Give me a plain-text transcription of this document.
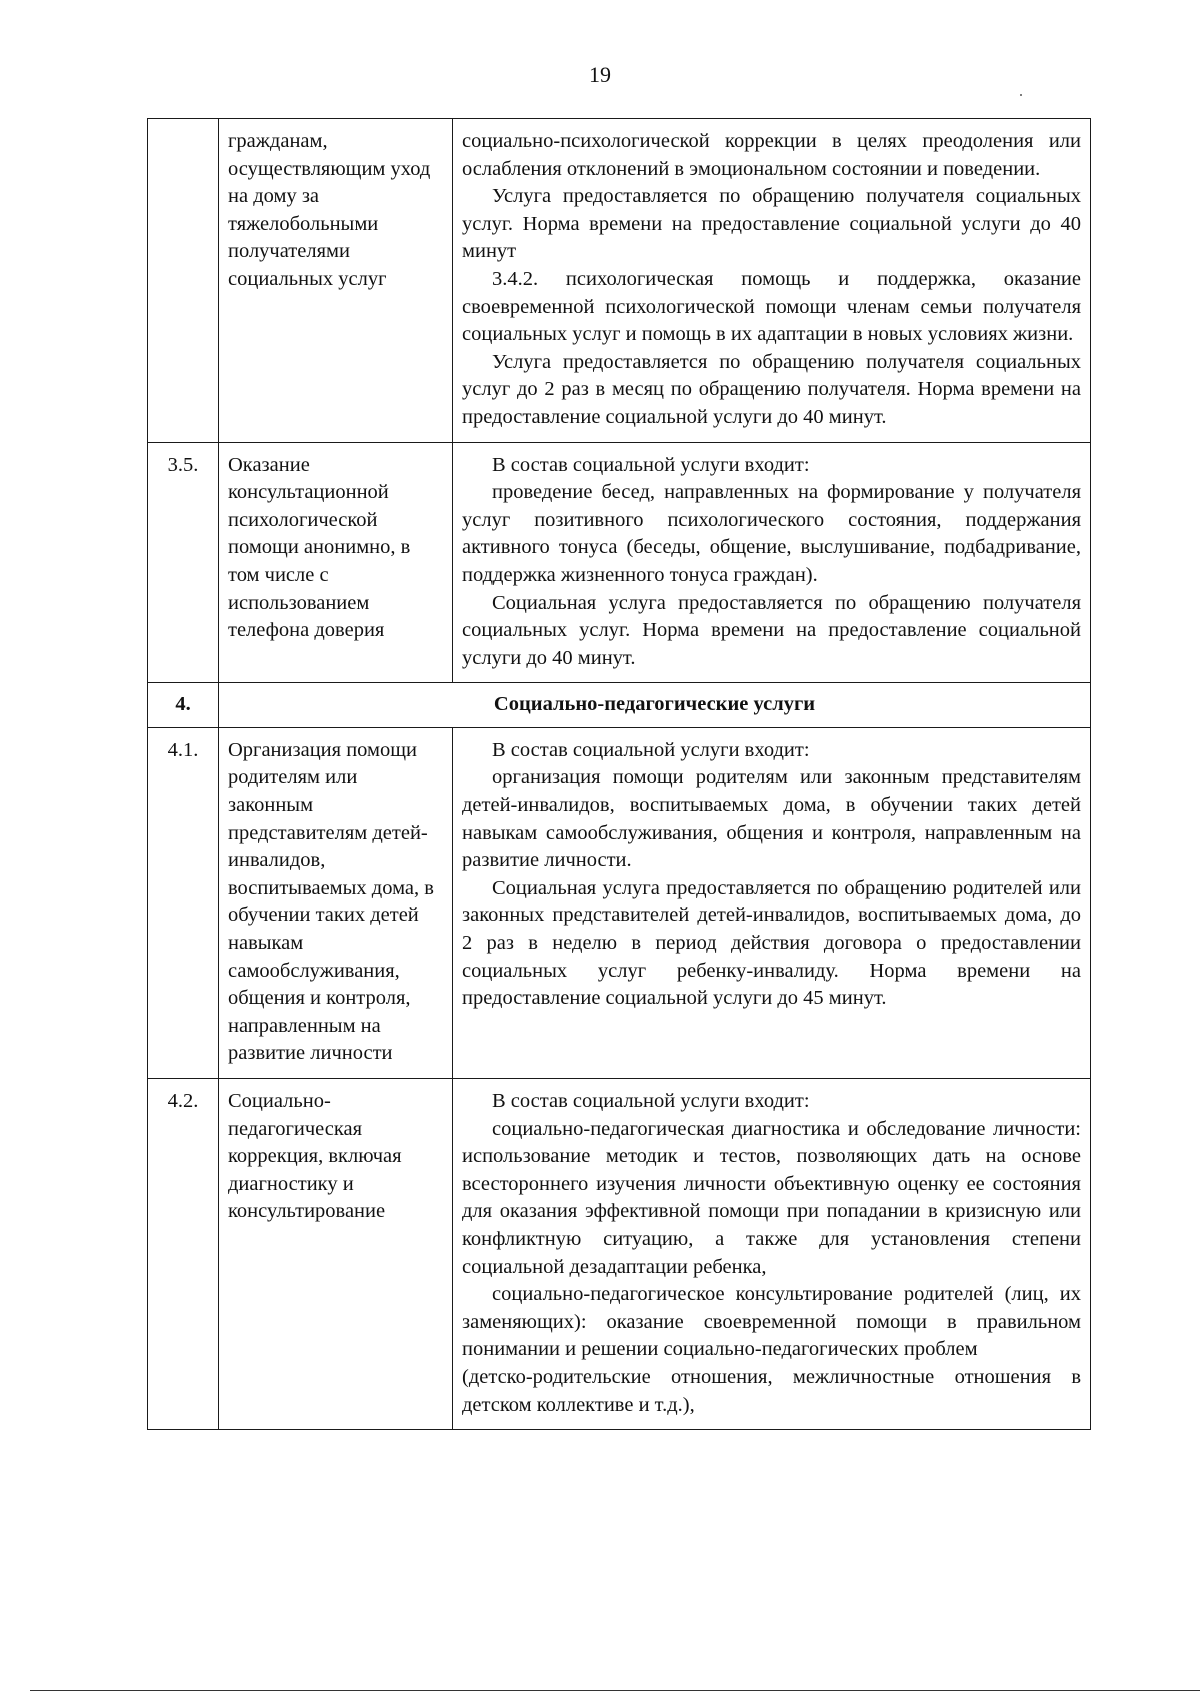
19
	гражданам, осуществляющим уход на дому за тяжелобольными получателями социальных услуг	социально-психологической коррекции в целях преодоления или ослабления отклонений в эмоциональном состоянии и поведении.

Услуга предоставляется по обращению получателя социальных услуг. Норма времени на предоставление социальной услуги до 40 минут

3.4.2. психологическая помощь и поддержка, оказание своевременной психологической помощи членам семьи получателя социальных услуг и помощь в их адаптации в новых условиях жизни.

Услуга предоставляется по обращению получателя социальных услуг до 2 раз в месяц по обращению получателя. Норма времени на предоставление социальной услуги до 40 минут.

3.5.	Оказание консультационной психологической помощи анонимно, в том числе с использованием телефона доверия	В состав социальной услуги входит:

проведение бесед, направленных на формирование у получателя услуг позитивного психологического состояния, поддержания активного тонуса (беседы, общение, выслушивание, подбадривание, поддержка жизненного тонуса граждан).

Социальная услуга предоставляется по обращению получателя социальных услуг. Норма времени на предоставление социальной услуги до 40 минут.

4.	Социально-педагогические услуги	
4.1.	Организация помощи родителям или законным представителям детей-инвалидов, воспитываемых дома, в обучении таких детей навыкам самообслуживания, общения и контроля, направленным на развитие личности	В состав социальной услуги входит:

организация помощи родителям или законным представителям детей-инвалидов, воспитываемых дома, в обучении таких детей навыкам самообслуживания, общения и контроля, направленным на развитие личности.

Социальная услуга предоставляется по обращению родителей или законных представителей детей-инвалидов, воспитываемых дома, до 2 раз в неделю в период действия договора о предоставлении социальных услуг ребенку-инвалиду. Норма времени на предоставление социальной услуги до 45 минут.

4.2.	Социально-педагогическая коррекция, включая диагностику и консультирование	В состав социальной услуги входит:

социально-педагогическая диагностика и обследование личности: использование методик и тестов, позволяющих дать на основе всестороннего изучения личности объективную оценку ее состояния для оказания эффективной помощи при попадании в кризисную или конфликтную ситуацию, а также для установления степени социальной дезадаптации ребенка,

социально-педагогическое консультирование родителей (лиц, их заменяющих): оказание своевременной помощи в правильном понимании и решении социально-педагогических проблем

(детско-родительские отношения, межличностные отношения в детском коллективе и т.д.),
